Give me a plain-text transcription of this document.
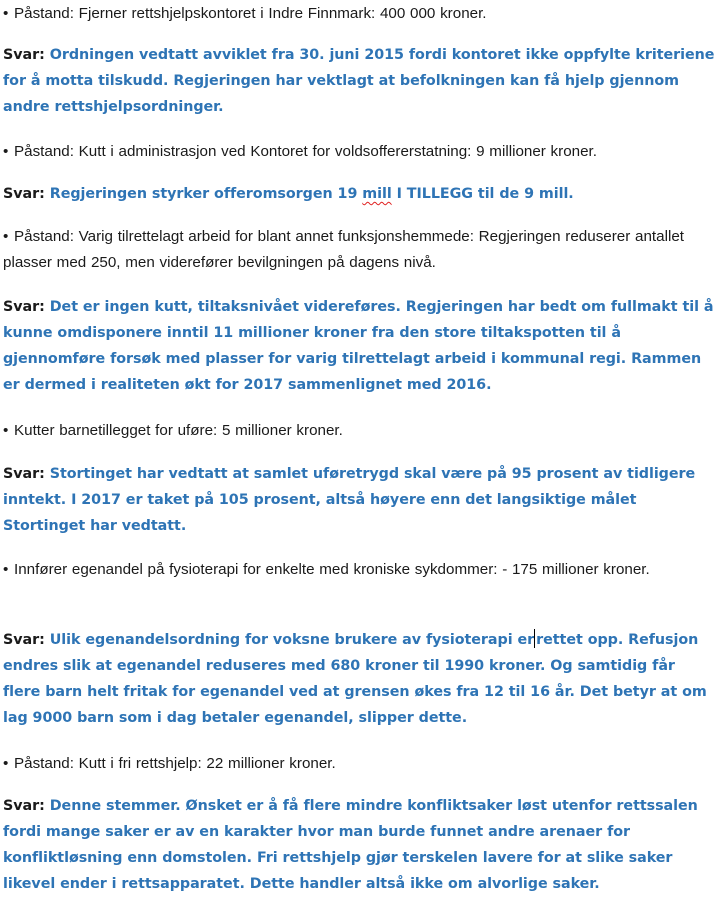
• Påstand: Fjerner rettshjelpskontoret i Indre Finnmark: 400 000 kroner.
Svar: Ordningen vedtatt avviklet fra 30. juni 2015 fordi kontoret ikke oppfylte kriteriene for å motta tilskudd. Regjeringen har vektlagt at befolkningen kan få hjelp gjennom andre rettshjelpsordninger.
• Påstand: Kutt i administrasjon ved Kontoret for voldsoffererstatning: 9 millioner kroner.
Svar: Regjeringen styrker offeromsorgen 19 mill I TILLEGG til de 9 mill.
• Påstand: Varig tilrettelagt arbeid for blant annet funksjonshemmede: Regjeringen reduserer antallet plasser med 250, men viderefører bevilgningen på dagens nivå.
Svar: Det er ingen kutt, tiltaksnivået videreføres. Regjeringen har bedt om fullmakt til å kunne omdisponere inntil 11 millioner kroner fra den store tiltakspotten til å gjennomføre forsøk med plasser for varig tilrettelagt arbeid i kommunal regi. Rammen er dermed i realiteten økt for 2017 sammenlignet med 2016.
• Kutter barnetillegget for uføre: 5 millioner kroner.
Svar: Stortinget har vedtatt at samlet uføretrygd skal være på 95 prosent av tidligere inntekt. I 2017 er taket på 105 prosent, altså høyere enn det langsiktige målet Stortinget har vedtatt.
• Innfører egenandel på fysioterapi for enkelte med kroniske sykdommer: - 175 millioner kroner.
Svar: Ulik egenandelsordning for voksne brukere av fysioterapi er rettet opp. Refusjon endres slik at egenandel reduseres med 680 kroner til 1990 kroner. Og samtidig får flere barn helt fritak for egenandel ved at grensen økes fra 12 til 16 år. Det betyr at om lag 9000 barn som i dag betaler egenandel, slipper dette.
• Påstand: Kutt i fri rettshjelp: 22 millioner kroner.
Svar: Denne stemmer. Ønsket er å få flere mindre konfliktsaker løst utenfor rettssalen fordi mange saker er av en karakter hvor man burde funnet andre arenaer for konfliktløsning enn domstolen. Fri rettshjelp gjør terskelen lavere for at slike saker likevel ender i rettsapparatet. Dette handler altså ikke om alvorlige saker.
